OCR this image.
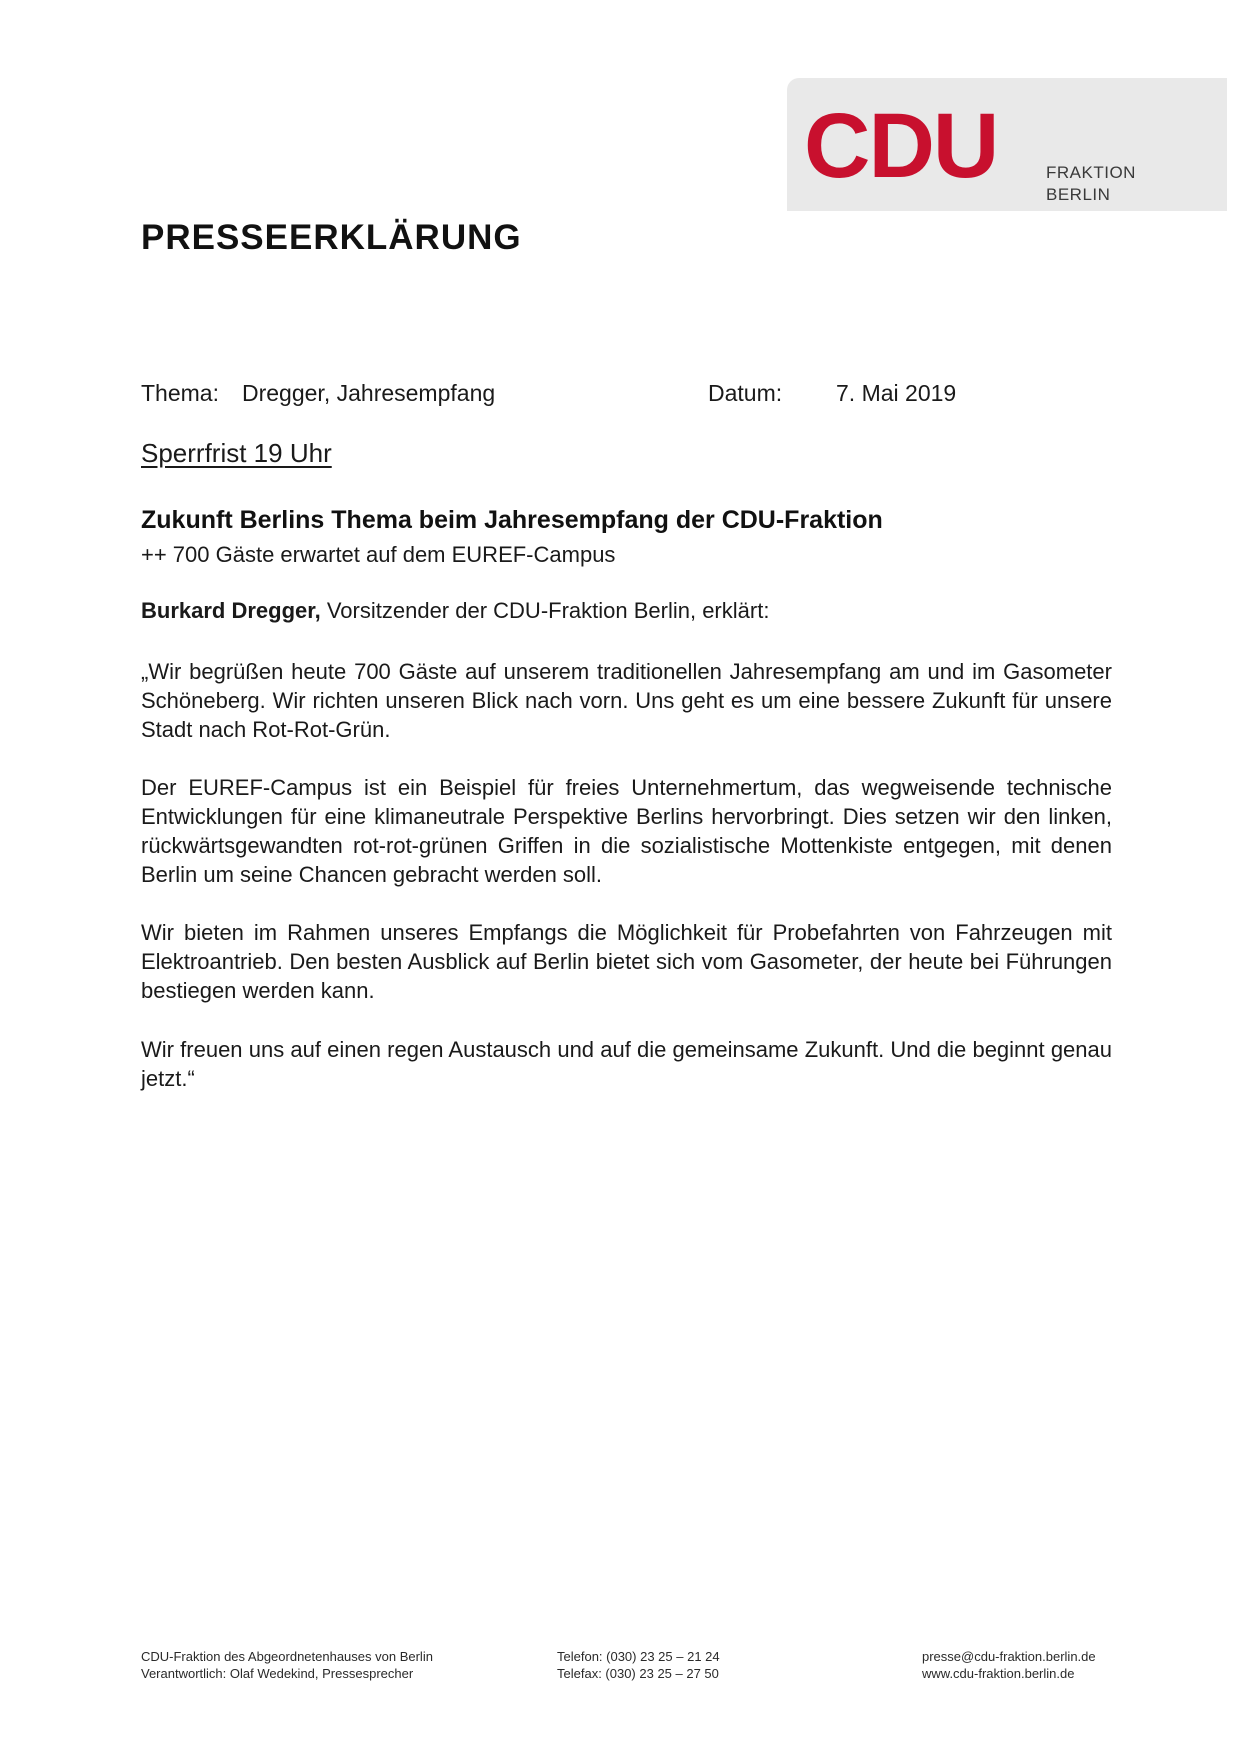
CDU	FRAKTION
BERLIN
PRESSEERKLÄRUNG
Thema: Dregger, Jahresempfang	Datum: 7. Mai 2019
Sperrfrist 19 Uhr
Zukunft Berlins Thema beim Jahresempfang der CDU-Fraktion
++ 700 Gäste erwartet auf dem EUREF-Campus
Burkard Dregger, Vorsitzender der CDU-Fraktion Berlin, erklärt:

„Wir begrüßen heute 700 Gäste auf unserem traditionellen Jahresempfang am und im Gasometer Schöneberg. Wir richten unseren Blick nach vorn. Uns geht es um eine bessere Zukunft für unsere Stadt nach Rot-Rot-Grün.

Der EUREF-Campus ist ein Beispiel für freies Unternehmertum, das wegweisende technische Entwicklungen für eine klimaneutrale Perspektive Berlins hervorbringt. Dies setzen wir den linken, rückwärtsgewandten rot-rot-grünen Griffen in die sozialistische Mottenkiste entgegen, mit denen Berlin um seine Chancen gebracht werden soll.

Wir bieten im Rahmen unseres Empfangs die Möglichkeit für Probefahrten von Fahrzeugen mit Elektroantrieb. Den besten Ausblick auf Berlin bietet sich vom Gasometer, der heute bei Führungen bestiegen werden kann.

Wir freuen uns auf einen regen Austausch und auf die gemeinsame Zukunft. Und die beginnt genau jetzt.“

CDU-Fraktion des Abgeordnetenhauses von Berlin
Verantwortlich: Olaf Wedekind, Pressesprecher
Telefon: (030) 23 25 – 21 24
Telefax: (030) 23 25 – 27 50
presse@cdu-fraktion.berlin.de
www.cdu-fraktion.berlin.de
